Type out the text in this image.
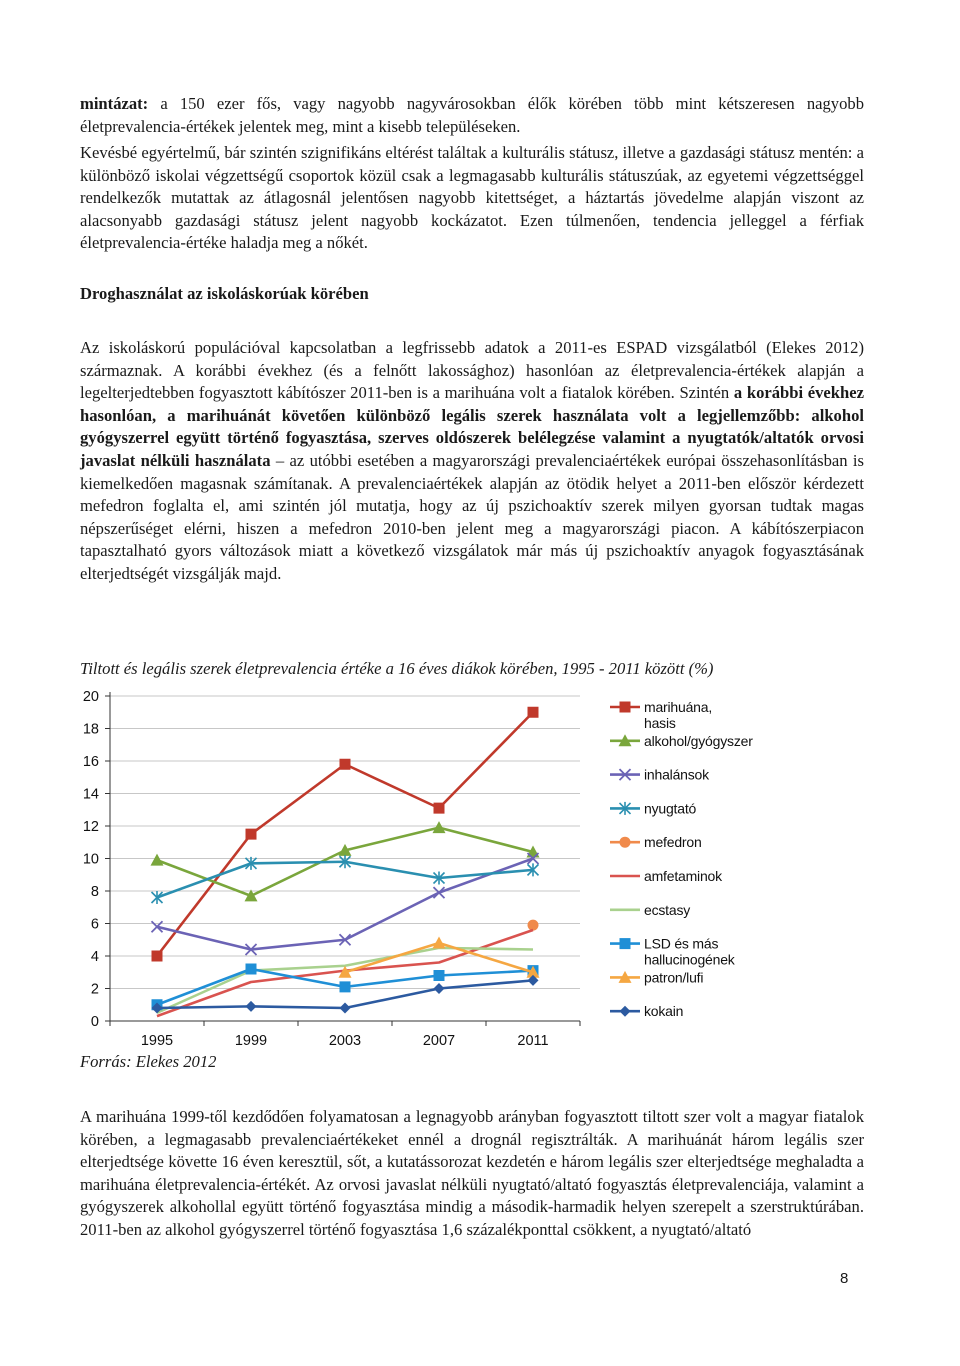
mintázat: a 150 ezer fős, vagy nagyobb nagyvárosokban élők körében több mint kétszeresen nagyobb életprevalencia-értékek jelentek meg, mint a kisebb településeken.

Kevésbé egyértelmű, bár szintén szignifikáns eltérést találtak a kulturális státusz, illetve a gazdasági státusz mentén: a különböző iskolai végzettségű csoportok közül csak a legmagasabb kulturális státuszúak, az egyetemi végzettséggel rendelkezők mutattak az átlagosnál jelentősen nagyobb kitettséget, a háztartás jövedelme alapján viszont az alacsonyabb gazdasági státusz jelent nagyobb kockázatot. Ezen túlmenően, tendencia jelleggel a férfiak életprevalencia-értéke haladja meg a nőkét.

Droghasználat az iskoláskorúak körében

Az iskoláskorú populációval kapcsolatban a legfrissebb adatok a 2011-es ESPAD vizsgálatból (Elekes 2012) származnak. A korábbi évekhez (és a felnőtt lakossághoz) hasonlóan az életprevalencia-értékek alapján a legelterjedtebben fogyasztott kábítószer 2011-ben is a marihuána volt a fiatalok körében. Szintén a korábbi évekhez hasonlóan, a marihuánát követően különböző legális szerek használata volt a legjellemzőbb: alkohol gyógyszerrel együtt történő fogyasztása, szerves oldószerek belélegzése valamint a nyugtatók/altatók orvosi javaslat nélküli használata – az utóbbi esetében a magyarországi prevalenciaértékek európai összehasonlításban is kiemelkedően magasnak számítanak. A prevalenciaértékek alapján az ötödik helyet a 2011-ben először kérdezett mefedron foglalta el, ami szintén jól mutatja, hogy az új pszichoaktív szerek milyen gyorsan tudtak magas népszerűséget elérni, hiszen a mefedron 2010-ben jelent meg a magyarországi piacon. A kábítószerpiacon tapasztalható gyors változások miatt a következő vizsgálatok már más új pszichoaktív anyagok fogyasztásának elterjedtségét vizsgálják majd.

Tiltott és legális szerek életprevalencia értéke a 16 éves diákok körében, 1995 - 2011 között (%)

0
2
4
6
8
10
12
14
16
18
20
1995	1999	2003	2007	2011
marihuána,
hasis
alkohol/gyógyszer
inhalánsok
nyugtató
mefedron
amfetaminok
ecstasy
LSD és más
hallucinogének
patron/lufi
kokain

Forrás: Elekes 2012

A marihuána 1999-től kezdődően folyamatosan a legnagyobb arányban fogyasztott tiltott szer volt a magyar fiatalok körében, a legmagasabb prevalenciaértékeket ennél a drognál regisztrálták. A marihuánát három legális szer elterjedtsége követte 16 éven keresztül, sőt, a kutatássorozat kezdetén e három legális szer elterjedtsége meghaladta a marihuána életprevalencia-értékét. Az orvosi javaslat nélküli nyugtató/altató fogyasztás életprevalenciája, valamint a gyógyszerek alkohollal együtt történő fogyasztása mindig a második-harmadik helyen szerepelt a szerstruktúrában. 2011-ben az alkohol gyógyszerrel történő fogyasztása 1,6 százalékponttal csökkent, a nyugtató/altató

8
